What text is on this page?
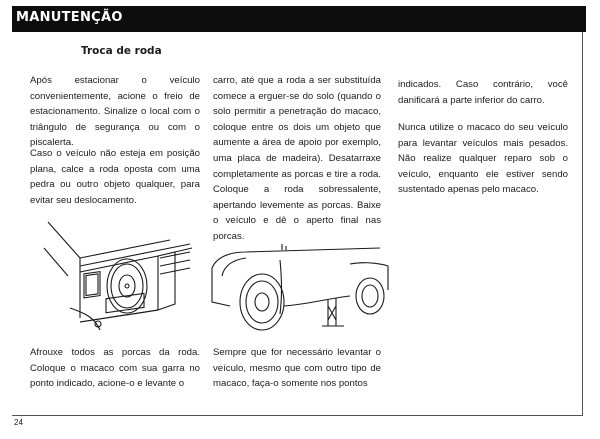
MANUTENÇÃO
Troca de roda

Após estacionar o veículo convenientemente, acione o freio de estacionamento. Sinalize o local com o triângulo de segurança ou com o piscalerta.

Caso o veículo não esteja em posição plana, calce a roda oposta com uma pedra ou outro objeto qualquer, para evitar seu deslocamento.

Afrouxe todos as porcas da roda. Coloque o macaco com sua garra no ponto indicado, acione-o e levante o

carro, até que a roda a ser substituída comece a erguer-se do solo (quando o solo permitir a penetração do macaco, coloque entre os dois um objeto que aumente a área de apoio por exemplo, uma placa de madeira). Desatarraxe completamente as porcas e tire a roda. Coloque a roda sobressalente, apertando levemente as porcas. Baixe o veículo e dê o aperto final nas porcas.

Sempre que for necessário levantar o veículo, mesmo que com outro tipo de macaco, faça-o somente nos pontos

indicados. Caso contrário, você danificará a parte inferior do carro.

Nunca utilize o macaco do seu veículo para levantar veículos mais pesados. Não realize qualquer reparo sob o veículo, enquanto ele estiver sendo sustentado apenas pelo macaco.

24
